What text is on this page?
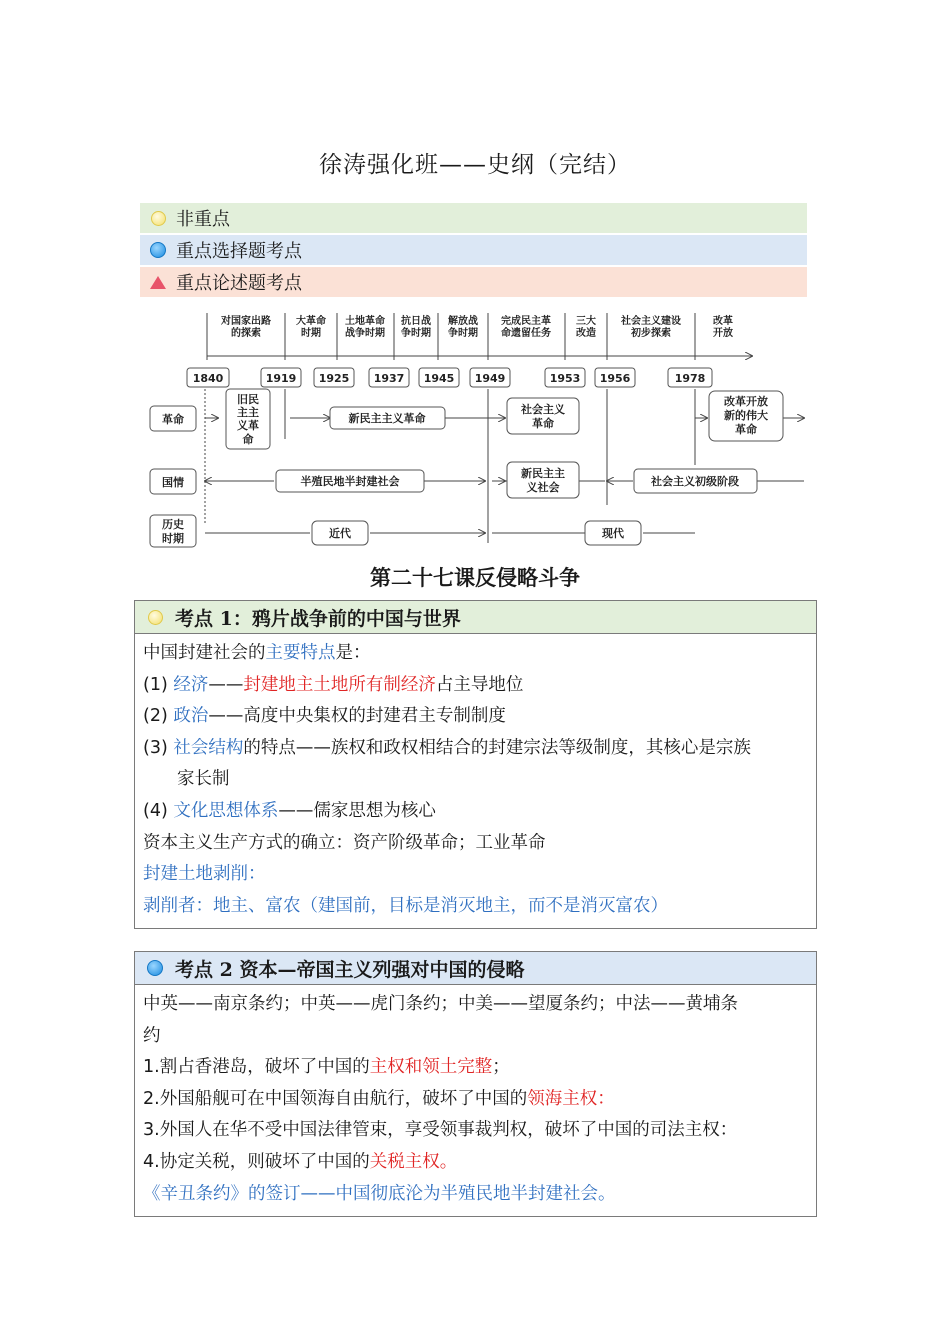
徐涛强化班——史纲（完结）
非重点
重点选择题考点
重点论述题考点
对国家出路
的探索
大革命
时期
土地革命
战争时期
抗日战
争时期
解放战
争时期
完成民主革
命遗留任务
三大
改造
社会主义建设
初步探索
改革
开放
1840	1919 1925 1937 1945 1949	1953 1956	1978
革命
国情
历史
时期
旧民
主主
义革
命
新民主主义革命
社会主义
革命
改革开放
新的伟大
革命
半殖民地半封建社会
新民主主
义社会	社会主义初级阶段
近代	现代
第二十七课反侵略斗争
考点 1：鸦片战争前的中国与世界
中国封建社会的主要特点是：
(1) 经济——封建地主土地所有制经济占主导地位
(2) 政治——高度中央集权的封建君主专制制度
(3) 社会结构的特点——族权和政权相结合的封建宗法等级制度，其核心是宗族
家长制
(4) 文化思想体系——儒家思想为核心
资本主义生产方式的确立：资产阶级革命；工业革命
封建土地剥削：
剥削者：地主、富农（建国前，目标是消灭地主，而不是消灭富农）
考点 2 资本—帝国主义列强对中国的侵略
中英——南京条约；中英——虎门条约；中美——望厦条约；中法——黄埔条
约
1.割占香港岛，破坏了中国的主权和领土完整；
2.外国船舰可在中国领海自由航行，破坏了中国的领海主权：
3.外国人在华不受中国法律管束，享受领事裁判权，破坏了中国的司法主权：
4.协定关税，则破坏了中国的关税主权。
《辛丑条约》的签订——中国彻底沦为半殖民地半封建社会。
